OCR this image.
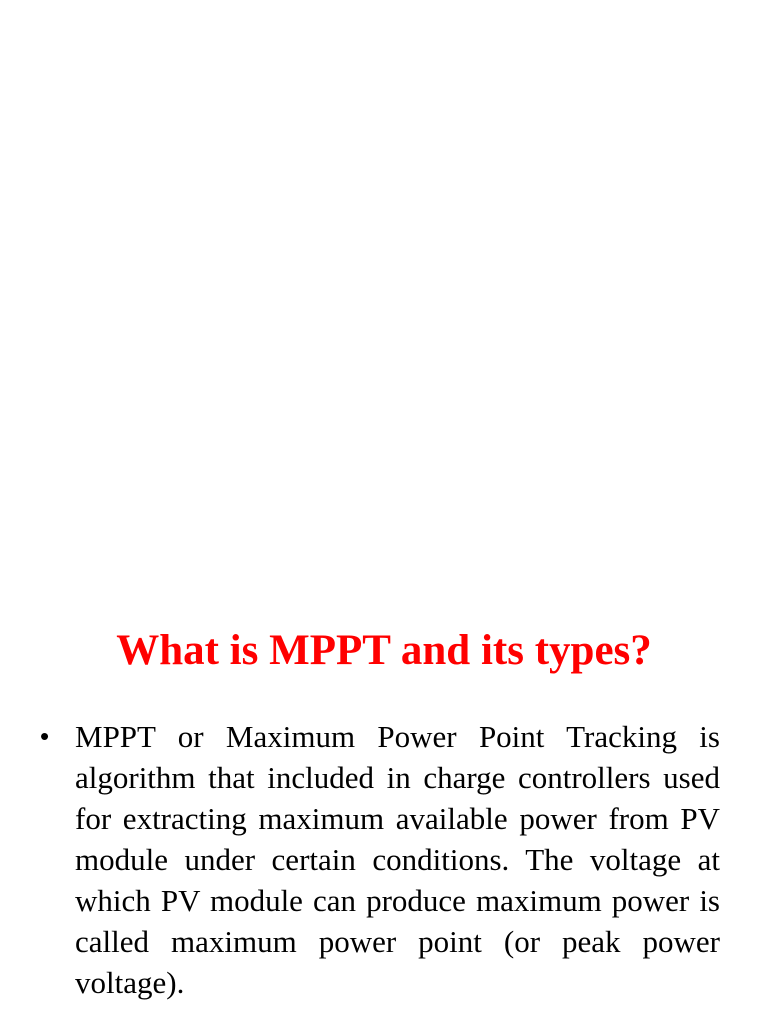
What is MPPT and its types?
• MPPT or Maximum Power Point Tracking is algorithm that included in charge controllers used for extracting maximum available power from PV module under certain conditions. The voltage at which PV module can produce maximum power is called maximum power point (or peak power voltage).
